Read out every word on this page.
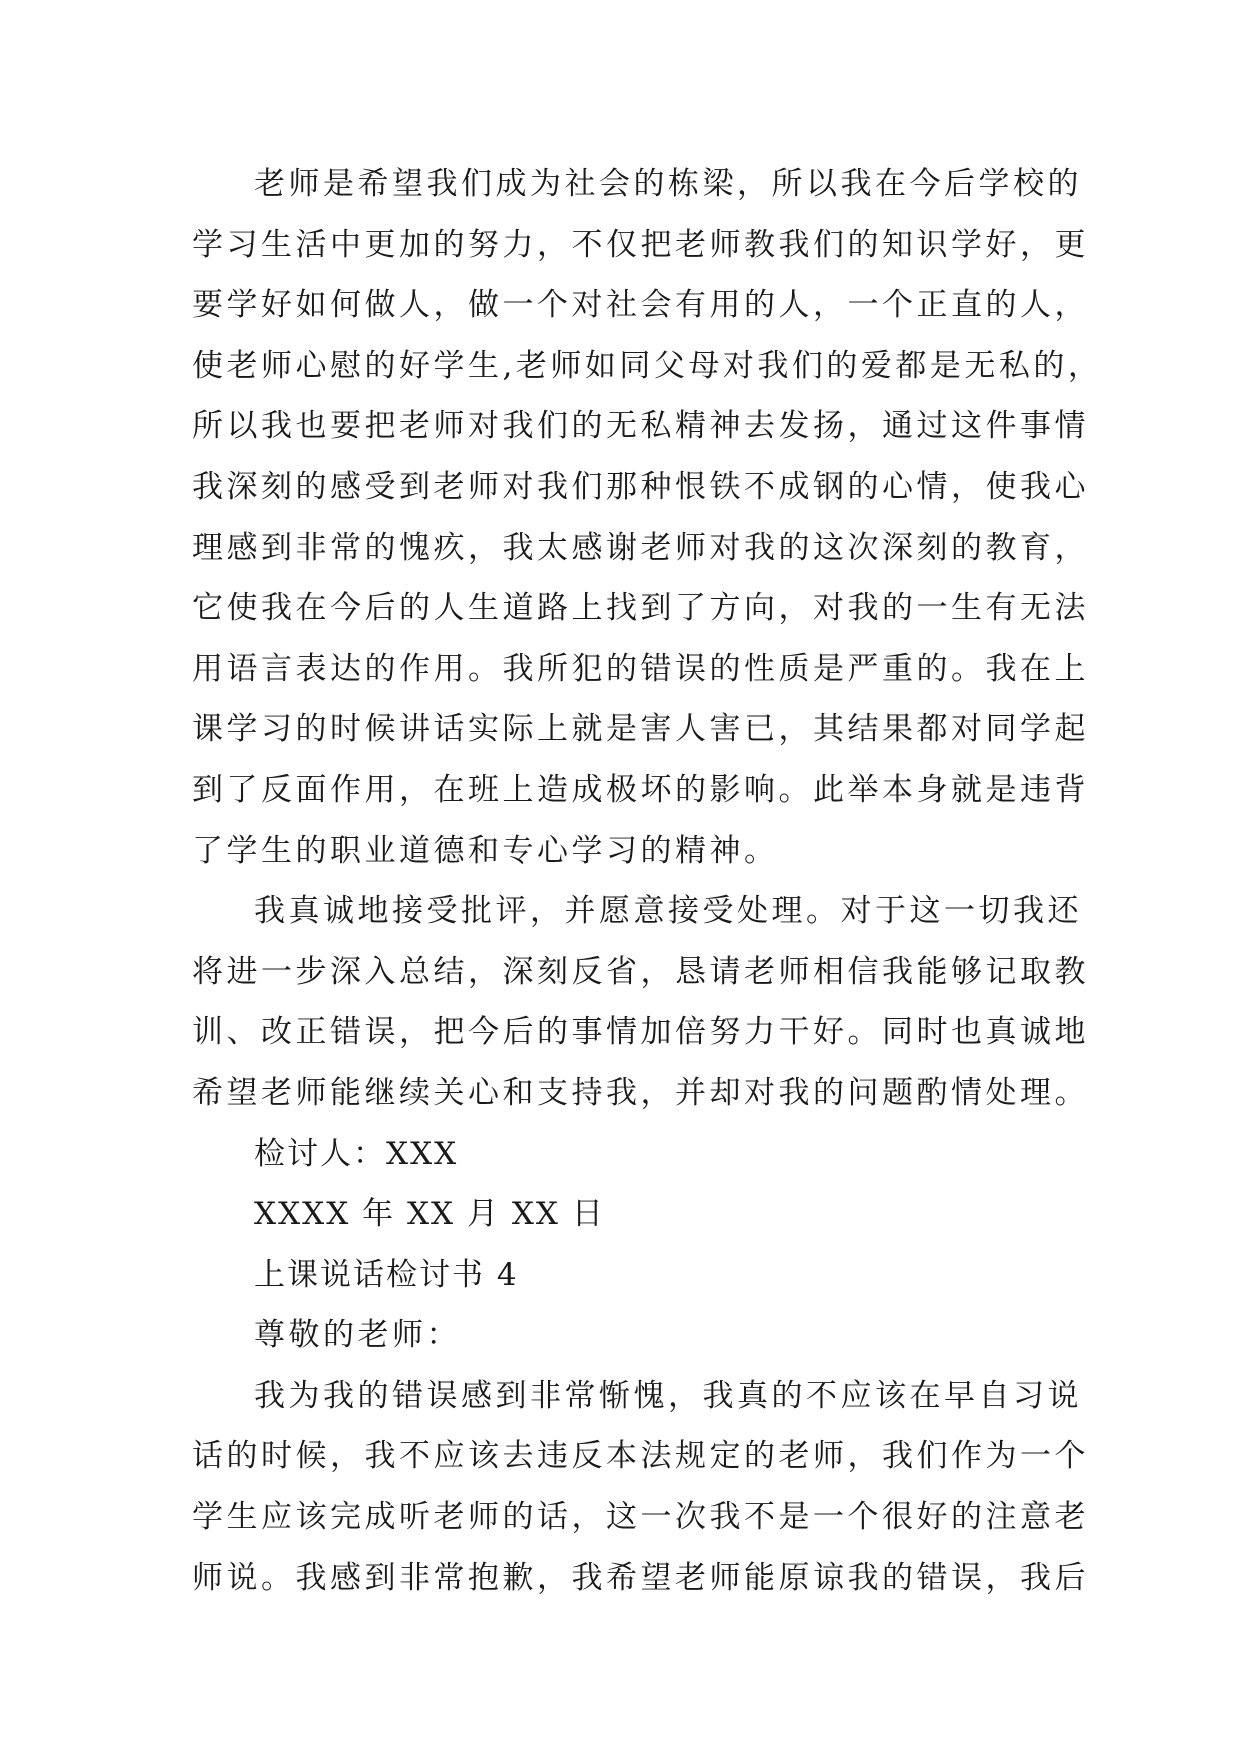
老师是希望我们成为社会的栋梁，所以我在今后学校的
学习生活中更加的努力，不仅把老师教我们的知识学好，更
要学好如何做人，做一个对社会有用的人，一个正直的人，
使老师心慰的好学生,老师如同父母对我们的爱都是无私的，
所以我也要把老师对我们的无私精神去发扬，通过这件事情
我深刻的感受到老师对我们那种恨铁不成钢的心情，使我心
理感到非常的愧疚，我太感谢老师对我的这次深刻的教育，
它使我在今后的人生道路上找到了方向，对我的一生有无法
用语言表达的作用。我所犯的错误的性质是严重的。我在上
课学习的时候讲话实际上就是害人害已，其结果都对同学起
到了反面作用，在班上造成极坏的影响。此举本身就是违背
了学生的职业道德和专心学习的精神。
我真诚地接受批评，并愿意接受处理。对于这一切我还
将进一步深入总结，深刻反省，恳请老师相信我能够记取教
训、改正错误，把今后的事情加倍努力干好。同时也真诚地
希望老师能继续关心和支持我，并却对我的问题酌情处理。
检讨人：XXX
XXXX 年 XX 月 XX 日
上课说话检讨书 4
尊敬的老师：
我为我的错误感到非常惭愧，我真的不应该在早自习说
话的时候，我不应该去违反本法规定的老师，我们作为一个
学生应该完成听老师的话，这一次我不是一个很好的注意老
师说。我感到非常抱歉，我希望老师能原谅我的错误，我后
